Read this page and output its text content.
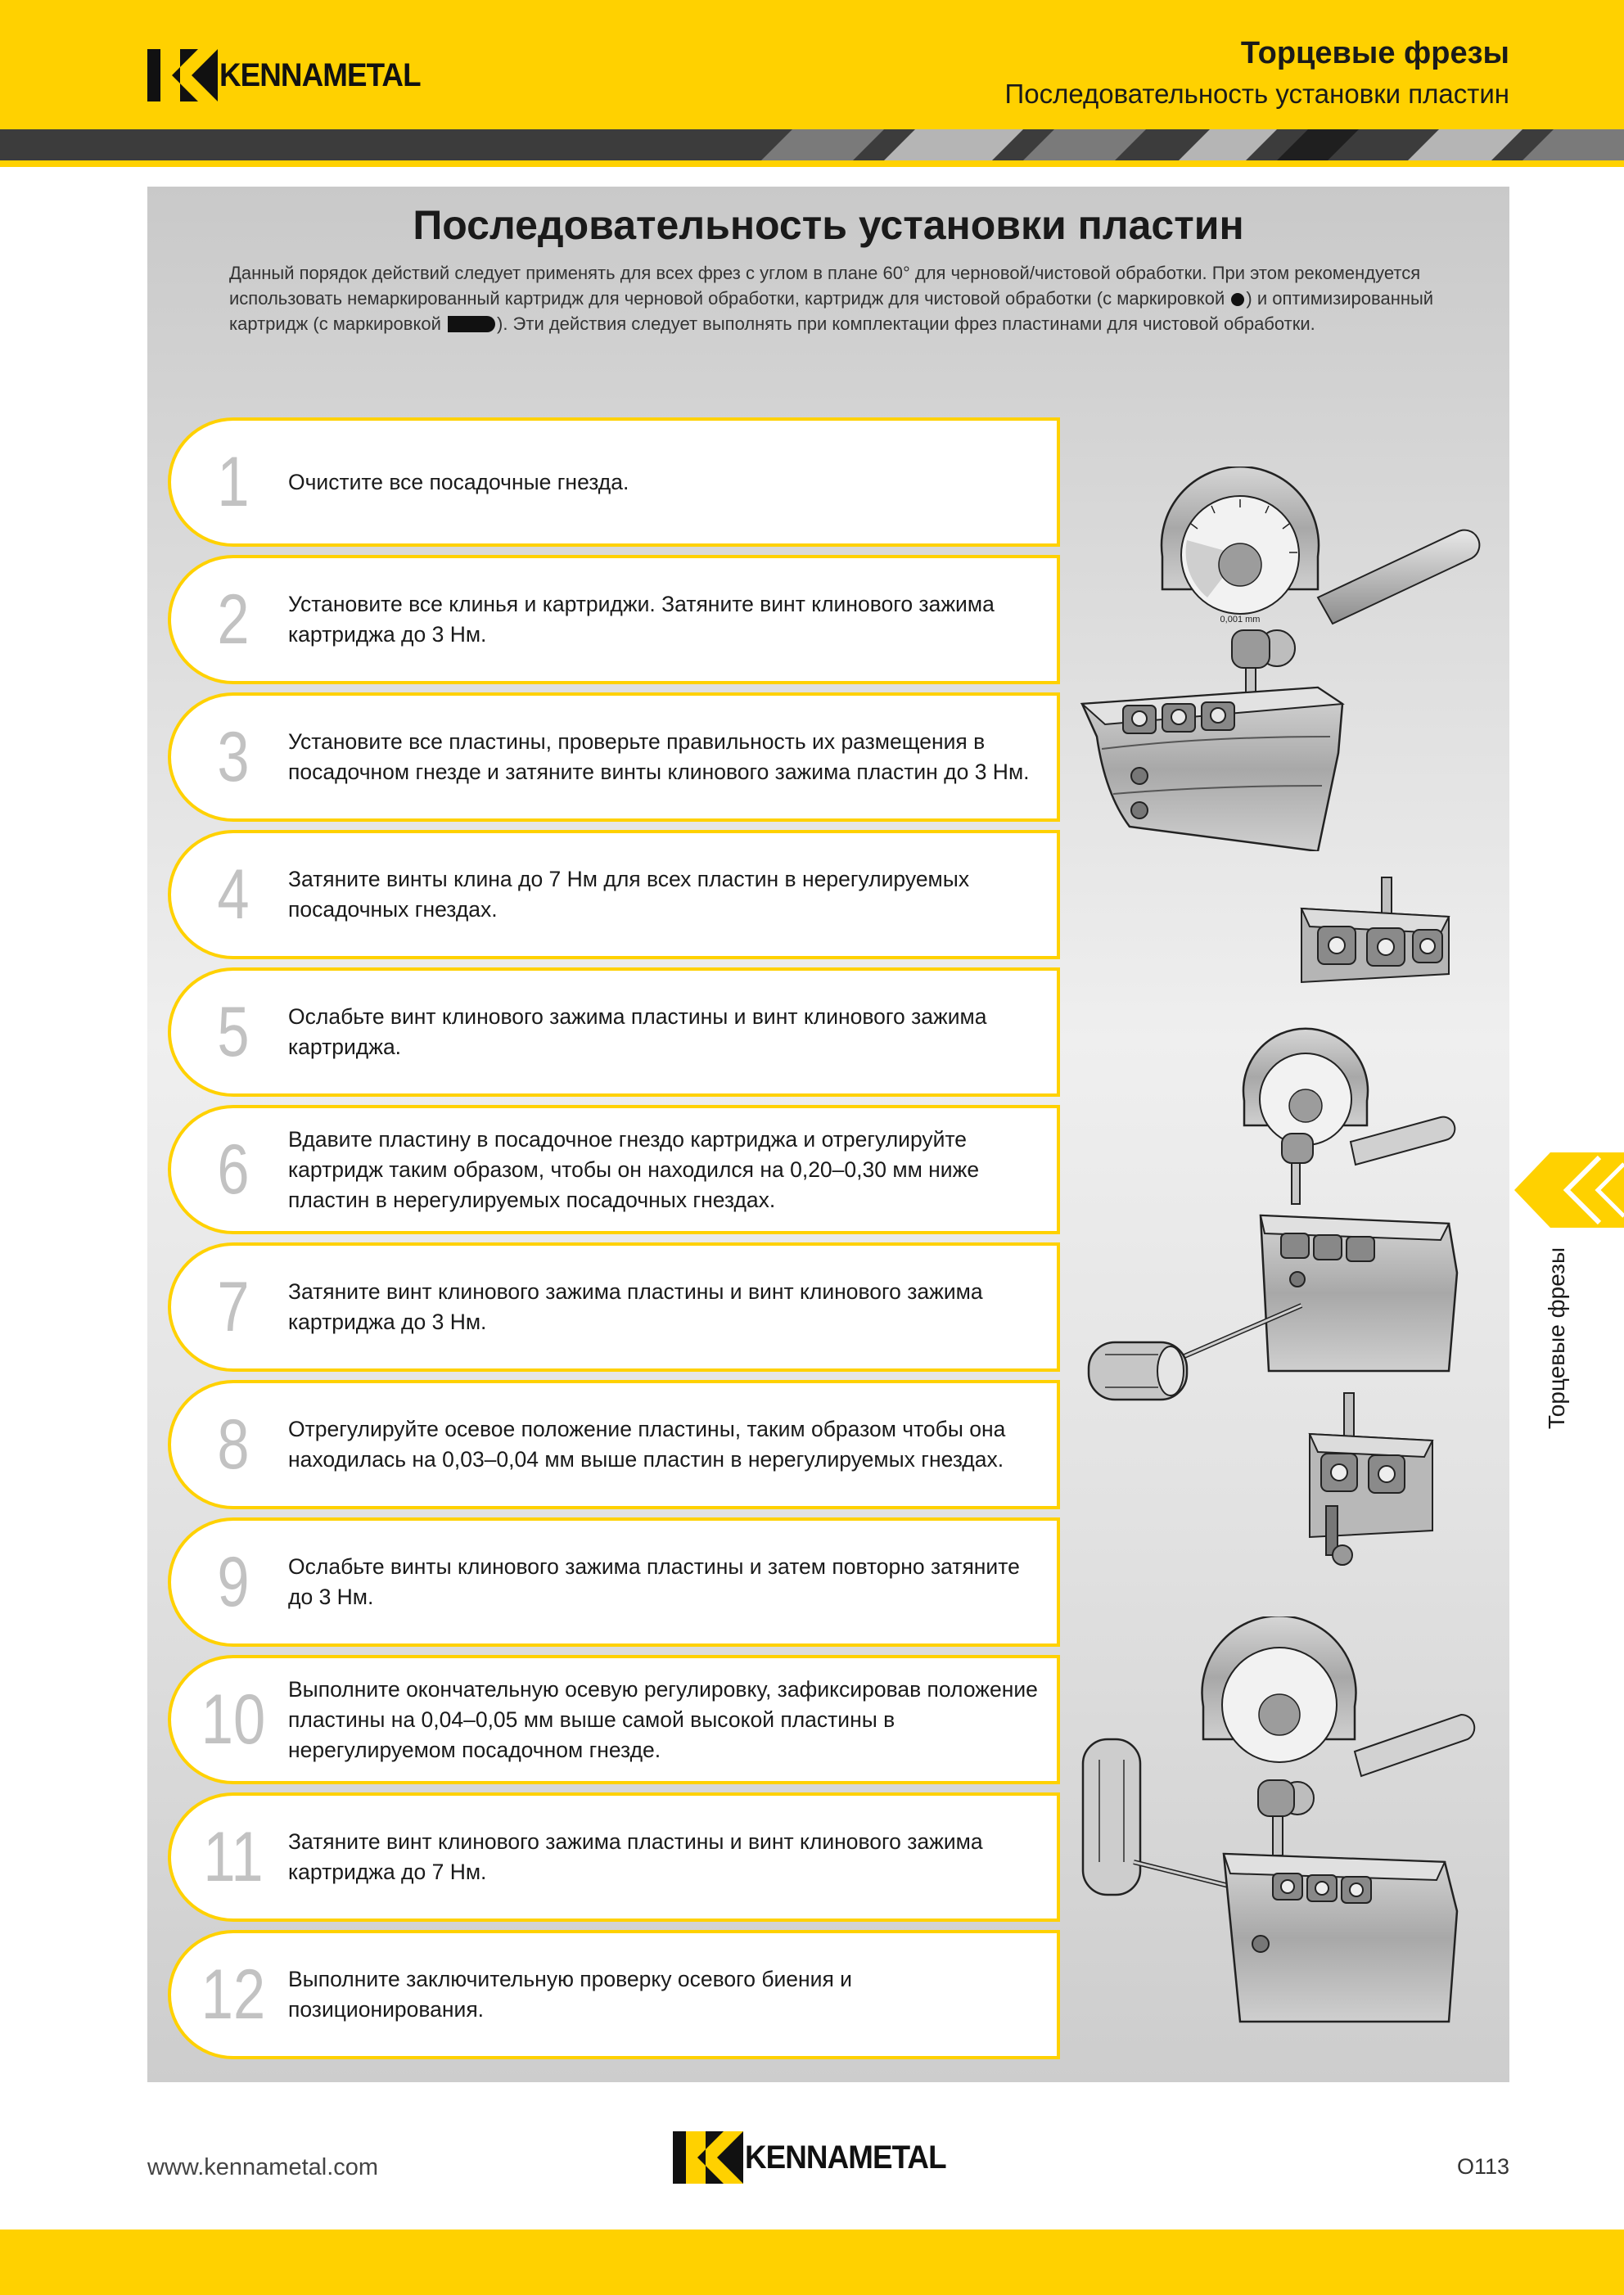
KENNAMETAL
Торцевые фрезы
Последовательность установки пластин
Последовательность установки пластин
Данный порядок действий следует применять для всех фрез с углом в плане 60° для черновой/чистовой обработки. При этом рекомендуется использовать немаркированный картридж для черновой обработки, картридж для чистовой обработки (с маркировкой ) и оптимизированный картридж (с маркировкой	). Эти действия следует выполнять при комплектации фрез пластинами для чистовой обработки.
1	Очистите все посадочные гнезда.
2	Установите все клинья и картриджи. Затяните винт клинового зажима картриджа до 3 Нм.
3	Установите все пластины, проверьте правильность их размещения в посадочном гнезде и затяните винты клинового зажима пластин до 3 Нм.
4	Затяните винты клина до 7 Нм для всех пластин в нерегулируемых посадочных гнездах.
5	Ослабьте винт клинового зажима пластины и винт клинового зажима картриджа.
6	Вдавите пластину в посадочное гнездо картриджа и отрегулируйте картридж таким образом, чтобы он находился на 0,20–0,30 мм ниже пластин в нерегулируемых посадочных гнездах.
7	Затяните винт клинового зажима пластины и винт клинового зажима картриджа до 3 Нм.
8	Отрегулируйте осевое положение пластины, таким образом чтобы она находилась на 0,03–0,04 мм выше пластин в нерегулируемых гнездах.
9	Ослабьте винты клинового зажима пластины и затем повторно затяните до 3 Нм.
10	Выполните окончательную осевую регулировку, зафиксировав положение пластины на 0,04–0,05 мм выше самой высокой пластины в нерегулируемом посадочном гнезде.
11	Затяните винт клинового зажима пластины и винт клинового зажима картриджа до 7 Нм.
12	Выполните заключительную проверку осевого биения и позиционирования.
0,001 mm
Торцевые фрезы
www.kennametal.com	KENNAMETAL	O113
